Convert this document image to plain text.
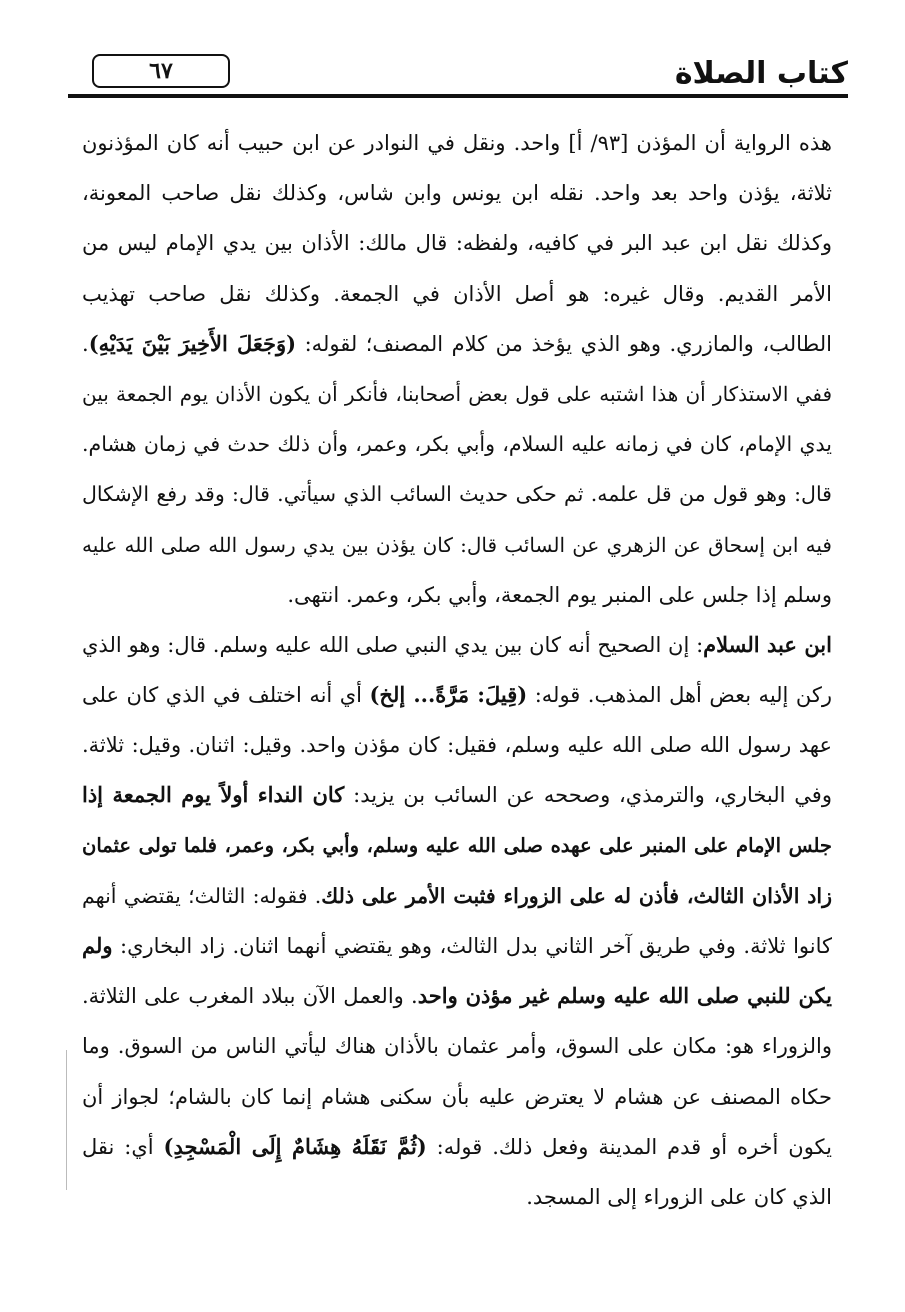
كتاب الصلاة
٦٧
هذه الرواية أن المؤذن [٩٣/ أ] واحد. ونقل في النوادر عن ابن حبيب أنه كان المؤذنون
ثلاثة، يؤذن واحد بعد واحد. نقله ابن يونس وابن شاس، وكذلك نقل صاحب المعونة،
وكذلك نقل ابن عبد البر في كافيه، ولفظه: قال مالك: الأذان بين يدي الإمام ليس من
الأمر القديم. وقال غيره: هو أصل الأذان في الجمعة. وكذلك نقل صاحب تهذيب
الطالب، والمازري. وهو الذي يؤخذ من كلام المصنف؛ لقوله: (وَجَعَلَ الأَخِيرَ بَيْنَ يَدَيْهِ).
ففي الاستذكار أن هذا اشتبه على قول بعض أصحابنا، فأنكر أن يكون الأذان يوم الجمعة بين
يدي الإمام، كان في زمانه عليه السلام، وأبي بكر، وعمر، وأن ذلك حدث في زمان هشام.
قال: وهو قول من قل علمه. ثم حكى حديث السائب الذي سيأتي. قال: وقد رفع الإشكال
فيه ابن إسحاق عن الزهري عن السائب قال: كان يؤذن بين يدي رسول الله صلى الله عليه
وسلم إذا جلس على المنبر يوم الجمعة، وأبي بكر، وعمر. انتهى.
ابن عبد السلام: إن الصحيح أنه كان بين يدي النبي صلى الله عليه وسلم. قال: وهو الذي
ركن إليه بعض أهل المذهب. قوله: (قِيلَ: مَرَّةً... إلخ) أي أنه اختلف في الذي كان على
عهد رسول الله صلى الله عليه وسلم، فقيل: كان مؤذن واحد. وقيل: اثنان. وقيل: ثلاثة.
وفي البخاري، والترمذي، وصححه عن السائب بن يزيد: كان النداء أولاً يوم الجمعة إذا
جلس الإمام على المنبر على عهده صلى الله عليه وسلم، وأبي بكر، وعمر، فلما تولى عثمان
زاد الأذان الثالث، فأذن له على الزوراء فثبت الأمر على ذلك. فقوله: الثالث؛ يقتضي أنهم
كانوا ثلاثة. وفي طريق آخر الثاني بدل الثالث، وهو يقتضي أنهما اثنان. زاد البخاري: ولم
يكن للنبي صلى الله عليه وسلم غير مؤذن واحد. والعمل الآن ببلاد المغرب على الثلاثة.
والزوراء هو: مكان على السوق، وأمر عثمان بالأذان هناك ليأتي الناس من السوق. وما
حكاه المصنف عن هشام لا يعترض عليه بأن سكنى هشام إنما كان بالشام؛ لجواز أن
يكون أخره أو قدم المدينة وفعل ذلك. قوله: (ثُمَّ نَقَلَهُ هِشَامٌ إِلَى الْمَسْجِدِ) أي: نقل
الذي كان على الزوراء إلى المسجد.
